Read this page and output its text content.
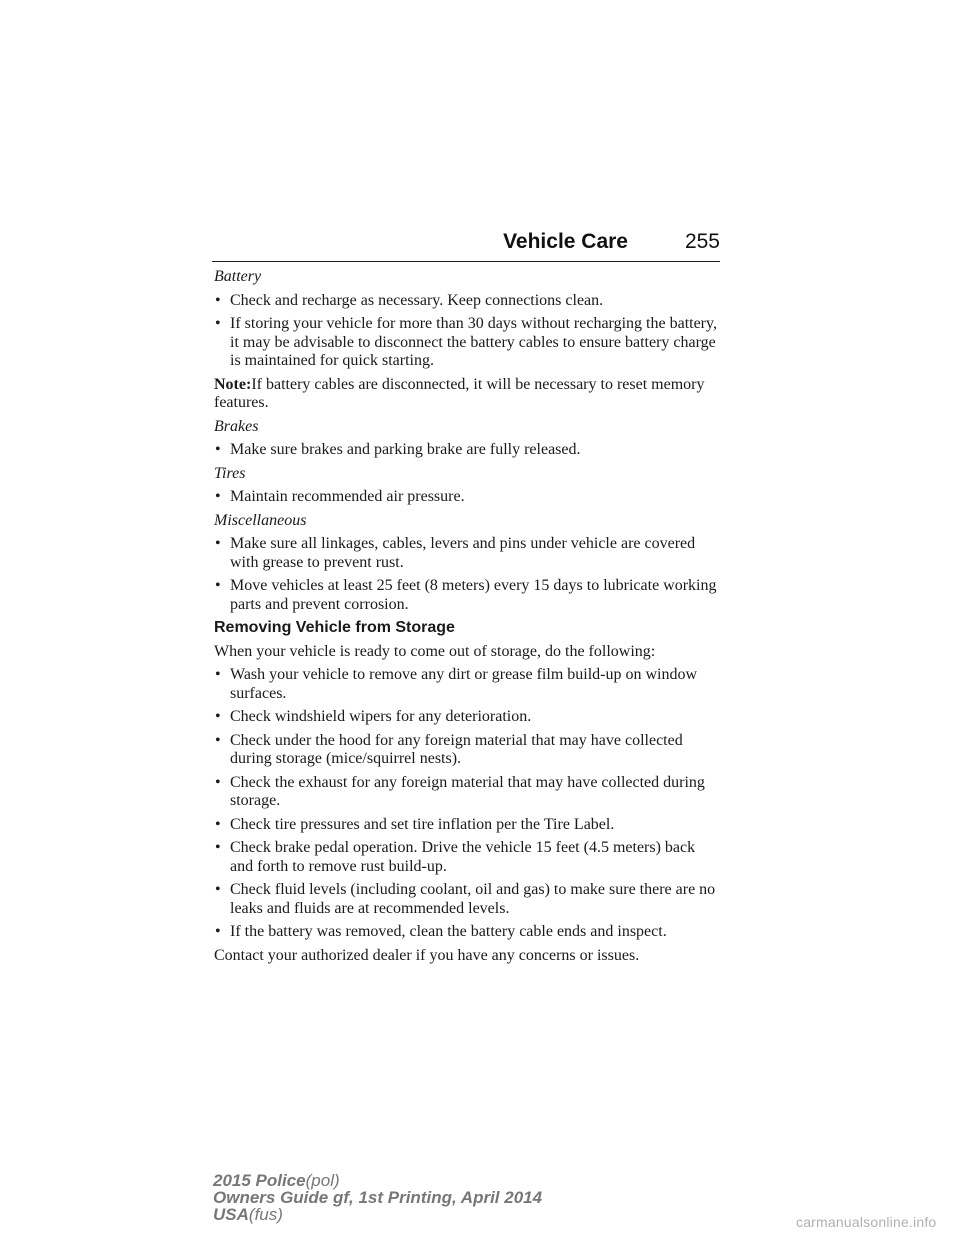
Vehicle Care	255

Battery

• Check and recharge as necessary. Keep connections clean.

• If storing your vehicle for more than 30 days without recharging the battery, it may be advisable to disconnect the battery cables to ensure battery charge is maintained for quick starting.

Note:If battery cables are disconnected, it will be necessary to reset memory features.

Brakes

• Make sure brakes and parking brake are fully released.

Tires

• Maintain recommended air pressure.

Miscellaneous

• Make sure all linkages, cables, levers and pins under vehicle are covered with grease to prevent rust.

• Move vehicles at least 25 feet (8 meters) every 15 days to lubricate working parts and prevent corrosion.

Removing Vehicle from Storage

When your vehicle is ready to come out of storage, do the following:

• Wash your vehicle to remove any dirt or grease film build-up on window surfaces.

• Check windshield wipers for any deterioration.

• Check under the hood for any foreign material that may have collected during storage (mice/squirrel nests).

• Check the exhaust for any foreign material that may have collected during storage.

• Check tire pressures and set tire inflation per the Tire Label.

• Check brake pedal operation. Drive the vehicle 15 feet (4.5 meters) back and forth to remove rust build-up.

• Check fluid levels (including coolant, oil and gas) to make sure there are no leaks and fluids are at recommended levels.

• If the battery was removed, clean the battery cable ends and inspect.

Contact your authorized dealer if you have any concerns or issues.

2015 Police(pol)
Owners Guide gf, 1st Printing, April 2014
USA(fus)	carmanualsonline.info
